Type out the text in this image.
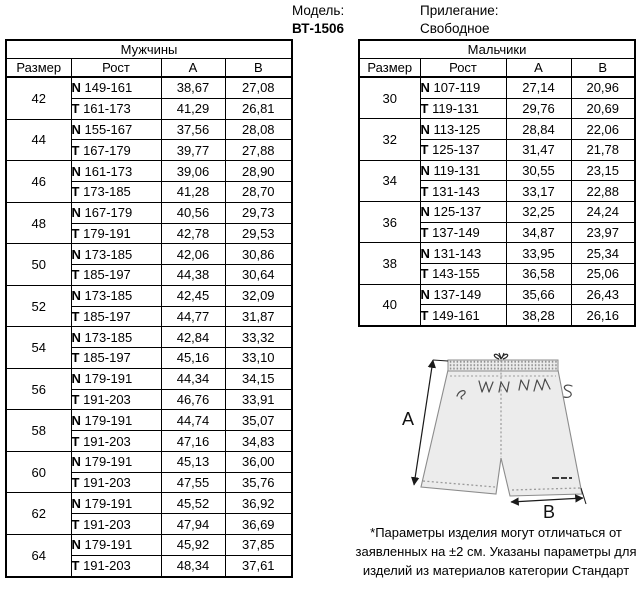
Модель:
ВТ-1506
Прилегание:
Свободное
Мужчины			
Размер	Рост	А	В
42	N 149-161	38,67	27,08
	T 161-173	41,29	26,81
44	N 155-167	37,56	28,08
	T 167-179	39,77	27,88
46	N 161-173	39,06	28,90
	T 173-185	41,28	28,70
48	N 167-179	40,56	29,73
	T 179-191	42,78	29,53
50	N 173-185	42,06	30,86
	T 185-197	44,38	30,64
52	N 173-185	42,45	32,09
	T 185-197	44,77	31,87
54	N 173-185	42,84	33,32
	T 185-197	45,16	33,10
56	N 179-191	44,34	34,15
	T 191-203	46,76	33,91
58	N 179-191	44,74	35,07
	T 191-203	47,16	34,83
60	N 179-191	45,13	36,00
	T 191-203	47,55	35,76
62	N 179-191	45,52	36,92
	T 191-203	47,94	36,69
64	N 179-191	45,92	37,85
	T 191-203	48,34	37,61
Мальчики			
Размер	Рост	А	В
30	N 107-119	27,14	20,96
	T 119-131	29,76	20,69
32	N 113-125	28,84	22,06
	T 125-137	31,47	21,78
34	N 119-131	30,55	23,15
	T 131-143	33,17	22,88
36	N 125-137	32,25	24,24
	T 137-149	34,87	23,97
38	N 131-143	33,95	25,34
	T 143-155	36,58	25,06
40	N 137-149	35,66	26,43
	T 149-161	38,28	26,16
A
B
*Параметры изделия могут отличаться от
заявленных на ±2 см. Указаны параметры для
изделий из материалов категории Стандарт
